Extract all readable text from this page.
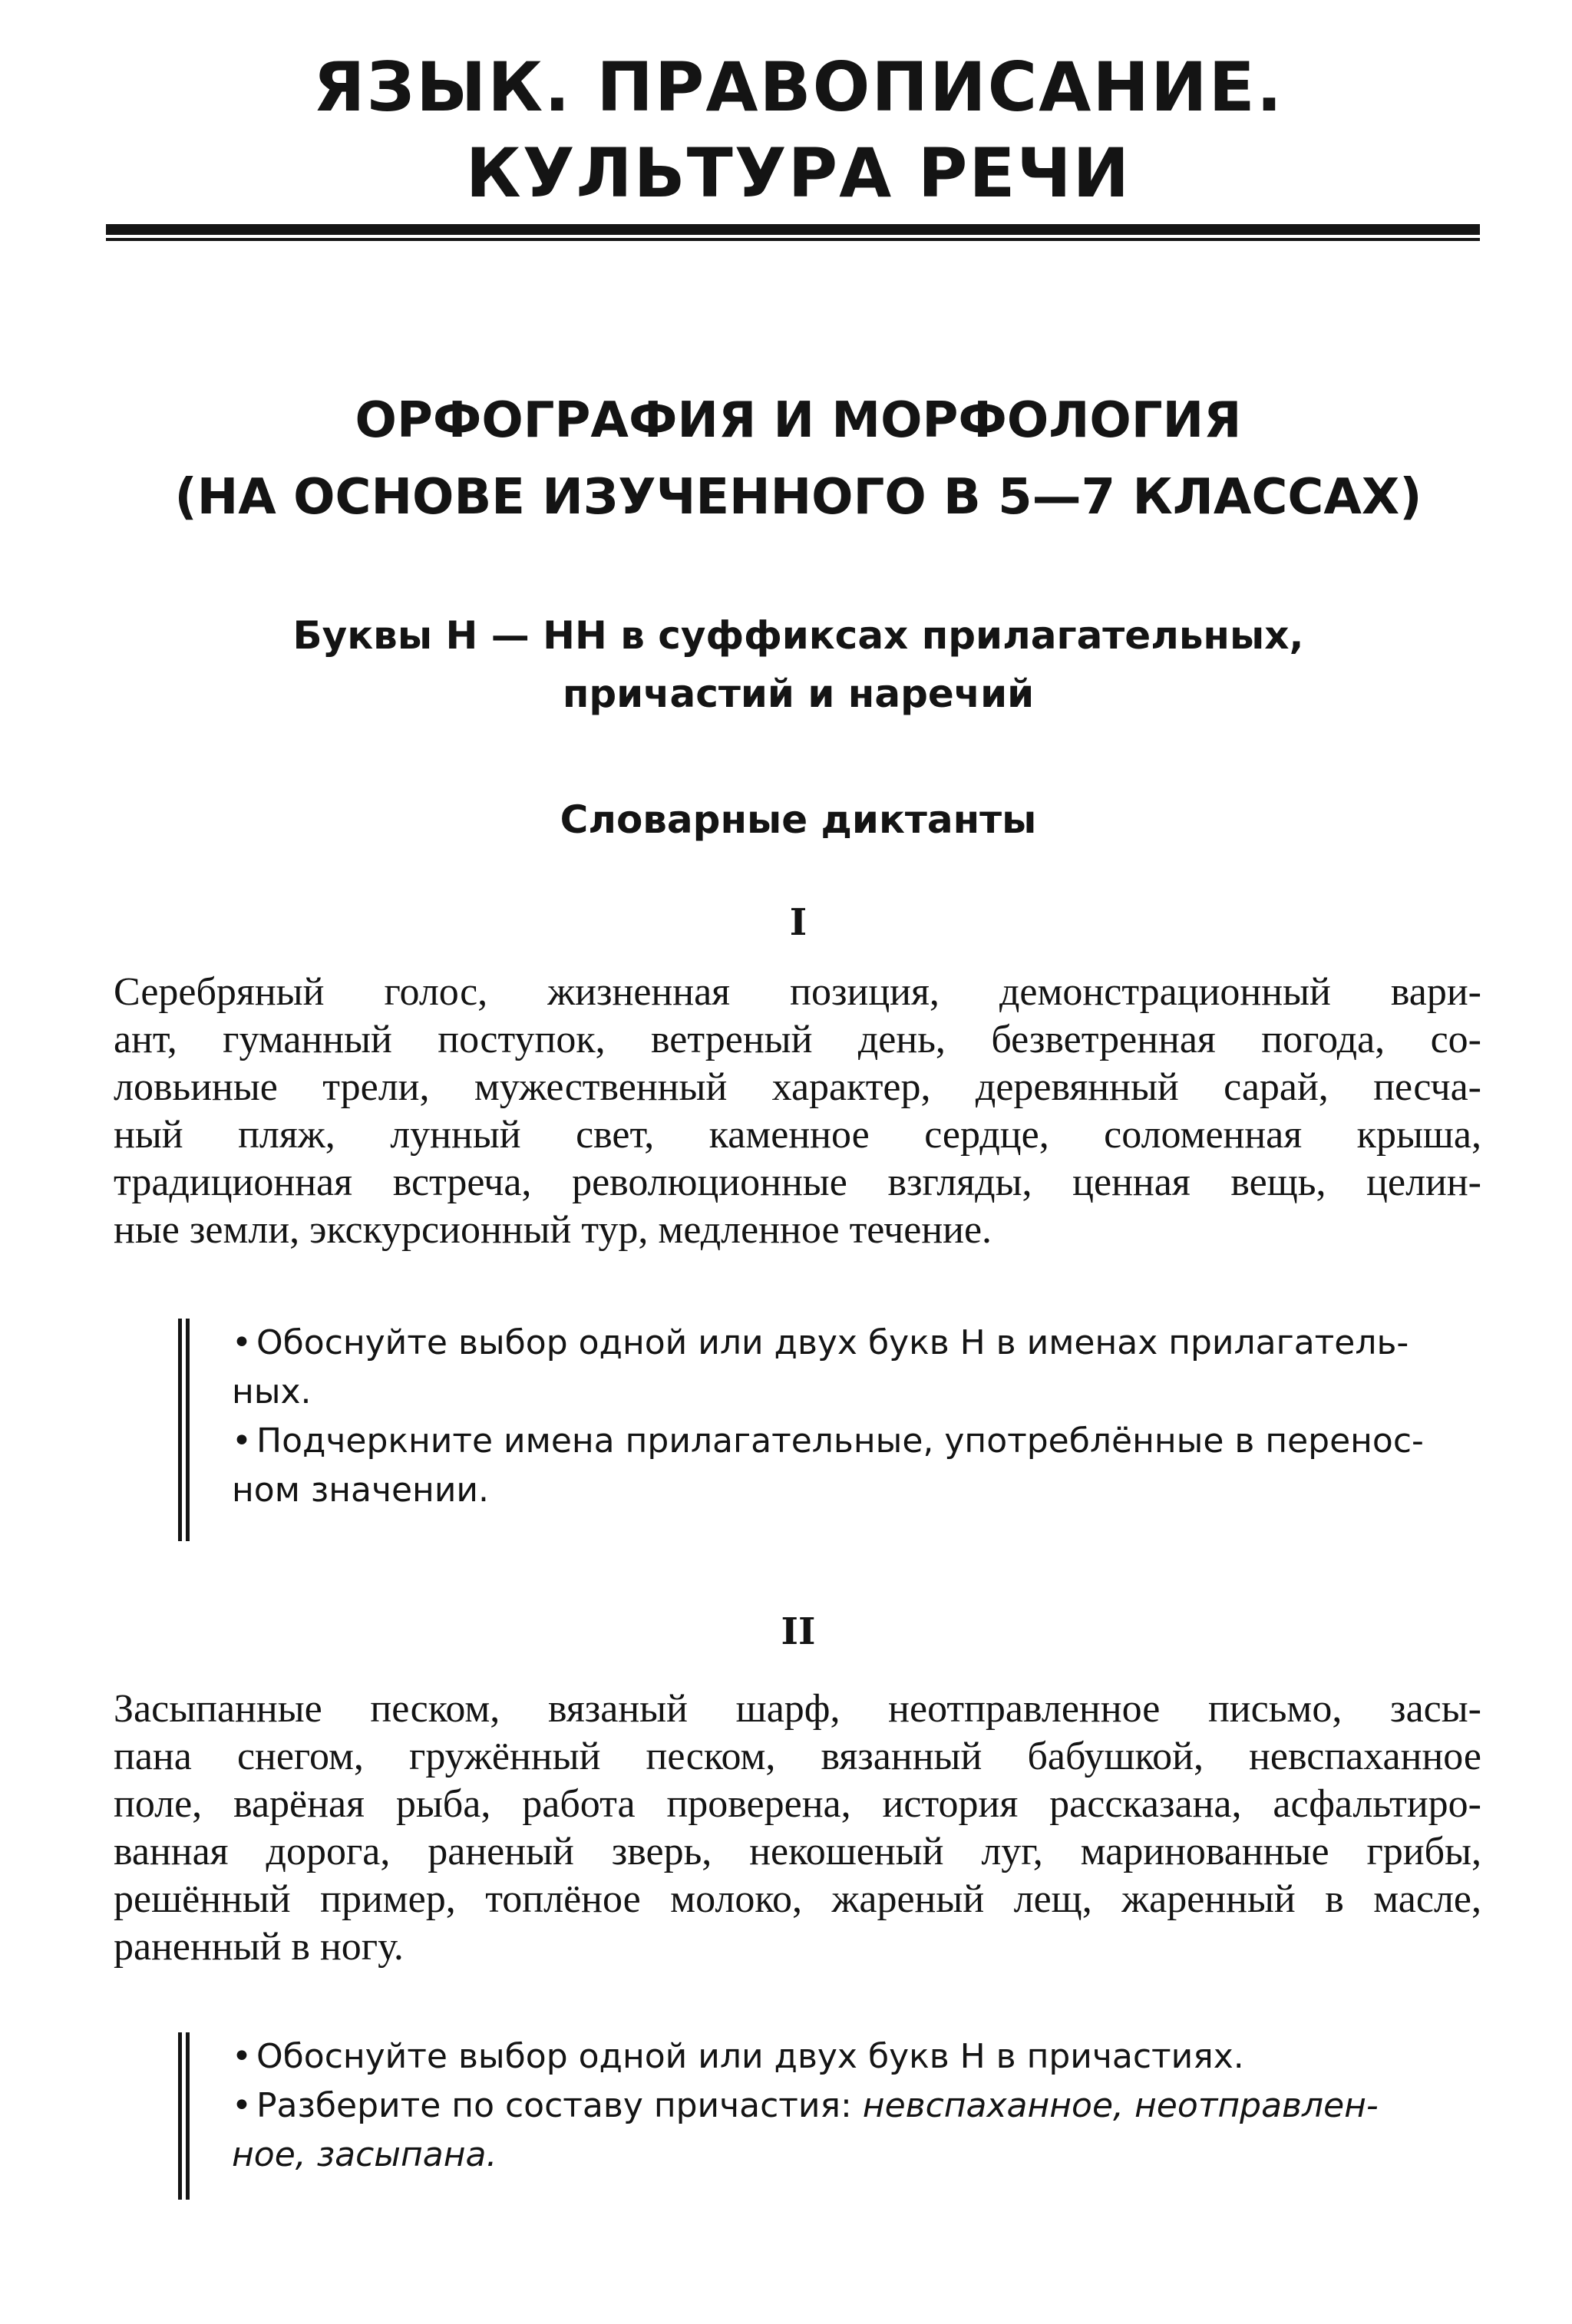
ЯЗЫК. ПРАВОПИСАНИЕ.
КУЛЬТУРА РЕЧИ
ОРФОГРАФИЯ И МОРФОЛОГИЯ
(НА ОСНОВЕ ИЗУЧЕННОГО В 5—7 КЛАССАХ)
Буквы Н — НН в суффиксах прилагательных,
причастий и наречий
Словарные диктанты
I
Серебряный голос, жизненная позиция, демонстрационный вари-
ант, гуманный поступок, ветреный день, безветренная погода, со-
ловьиные трели, мужественный характер, деревянный сарай, песча-
ный пляж, лунный свет, каменное сердце, соломенная крыша,
традиционная встреча, революционные взгляды, ценная вещь, целин-
ные земли, экскурсионный тур, медленное течение.
• Обоснуйте выбор одной или двух букв Н в именах прилагатель-
ных.
• Подчеркните имена прилагательные, употреблённые в перенос-
ном значении.
II
Засыпанные песком, вязаный шарф, неотправленное письмо, засы-
пана снегом, гружённый песком, вязанный бабушкой, невспаханное
поле, варёная рыба, работа проверена, история рассказана, асфальтиро-
ванная дорога, раненый зверь, некошеный луг, маринованные грибы,
решённый пример, топлёное молоко, жареный лещ, жаренный в масле,
раненный в ногу.
• Обоснуйте выбор одной или двух букв Н в причастиях.
• Разберите по составу причастия: невспаханное, неотправлен-
ное, засыпана.
